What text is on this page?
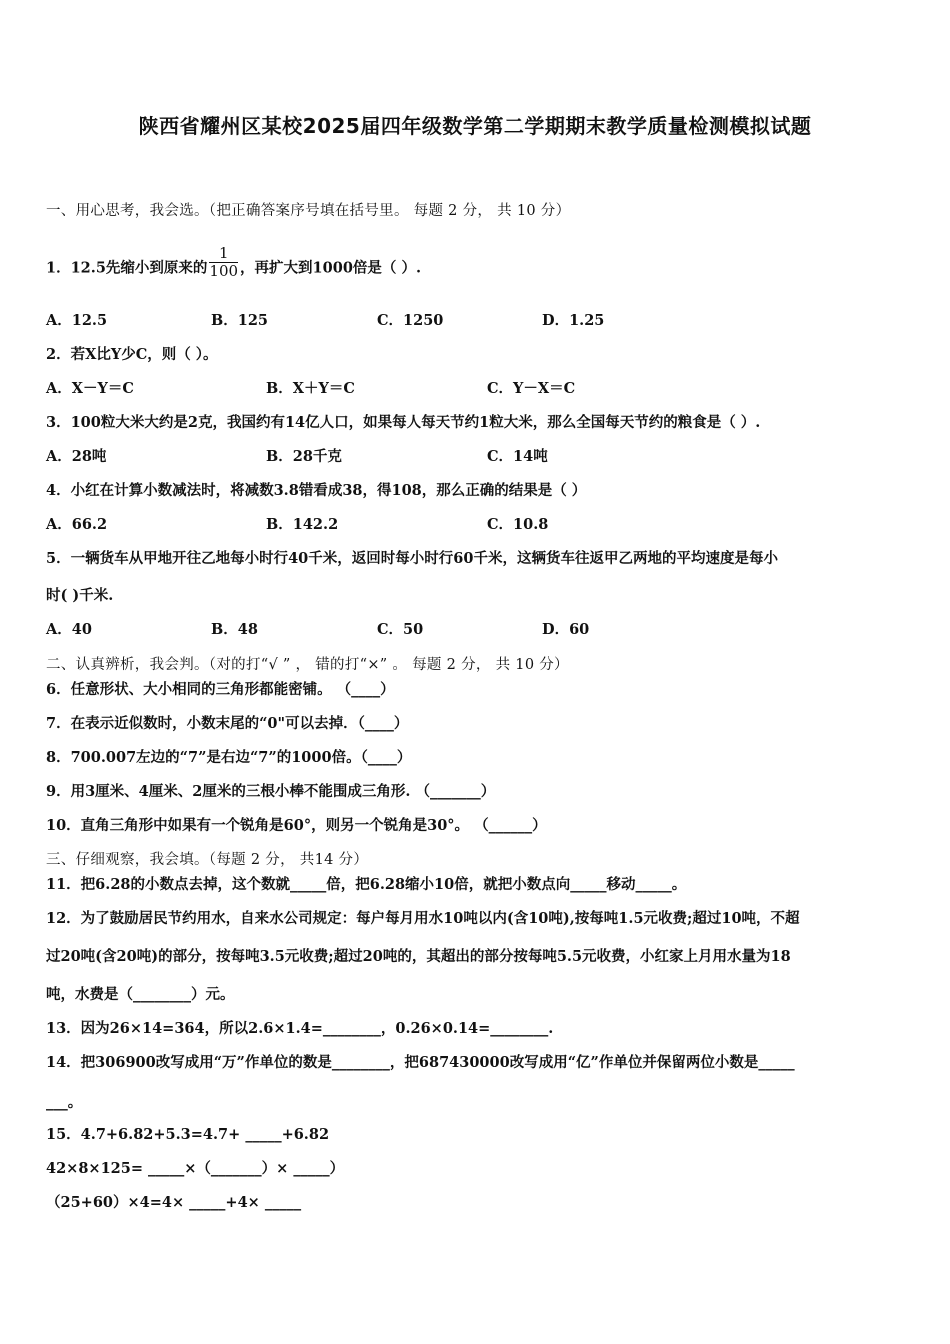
陕西省耀州区某校2025届四年级数学第二学期期末教学质量检测模拟试题
一、用心思考，我会选。（把正确答案序号填在括号里。 每题 2 分， 共 10 分）
1．12.5先缩小到原来的 $\frac{1}{100}$ ，再扩大到1000倍是（ ）.
A．12.5	B．125	C．1250	D．1.25
2．若X比Y少C，则（ ）。
A．X－Y＝C	B．X＋Y＝C	C．Y－X＝C
3．100粒大米大约是2克，我国约有14亿人口，如果每人每天节约1粒大米，那么全国每天节约的粮食是（ ）.
A．28吨	B．28千克	C．14吨
4．小红在计算小数减法时，将减数3.8错看成38，得108，那么正确的结果是（ ）
A．66.2	B．142.2	C．10.8
5．一辆货车从甲地开往乙地每小时行40千米，返回时每小时行60千米，这辆货车往返甲乙两地的平均速度是每小
时( )千米.
A．40	B．48	C．50	D．60
二、认真辨析，我会判。（对的打“√ ” ， 错的打“×” 。 每题 2 分， 共 10 分）
6．任意形状、大小相同的三角形都能密铺。 （____）
7．在表示近似数时，小数末尾的“0"可以去掉．（____）
8．700.007左边的“7”是右边“7”的1000倍。（____）
9．用3厘米、4厘米、2厘米的三根小棒不能围成三角形. （_______）
10．直角三角形中如果有一个锐角是60°，则另一个锐角是30°。 （______）
三、仔细观察，我会填。（每题 2 分， 共14 分）
11．把6.28的小数点去掉，这个数就_____倍，把6.28缩小10倍，就把小数点向_____移动_____。
12．为了鼓励居民节约用水，自来水公司规定：每户每月用水10吨以内(含10吨),按每吨1.5元收费;超过10吨，不超
过20吨(含20吨)的部分，按每吨3.5元收费;超过20吨的，其超出的部分按每吨5.5元收费，小红家上月用水量为18
吨，水费是（________）元。
13．因为26×14=364，所以2.6×1.4=________，0.26×0.14=________.
14．把306900改写成用“万”作单位的数是________，把687430000改写成用“亿”作单位并保留两位小数是_____
___。
15．4.7+6.82+5.3=4.7+ _____+6.82
42×8×125= _____×（_______）× _____）
（25+60）×4=4× _____+4× _____
